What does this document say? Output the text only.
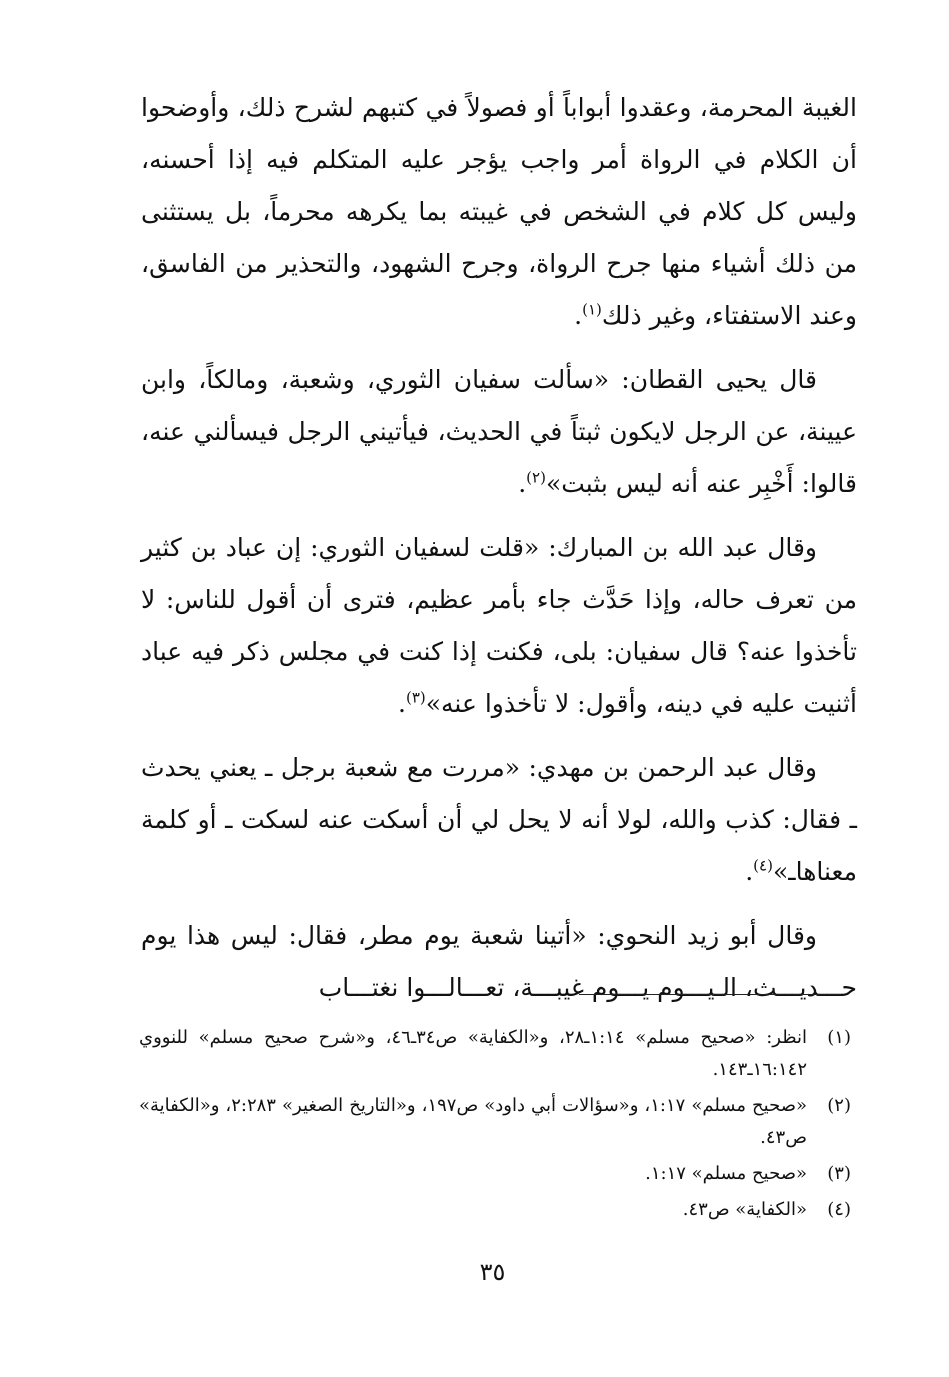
الغيبة المحرمة، وعقدوا أبواباً أو فصولاً في كتبهم لشرح ذلك، وأوضحوا أن الكلام في الرواة أمر واجب يؤجر عليه المتكلم فيه إذا أحسنه، وليس كل كلام في الشخص في غيبته بما يكرهه محرماً، بل يستثنى من ذلك أشياء منها جرح الرواة، وجرح الشهود، والتحذير من الفاسق، وعند الاستفتاء، وغير ذلك$^{(١)}$.

قال يحيى القطان: «سألت سفيان الثوري، وشعبة، ومالكاً، وابن عيينة، عن الرجل لايكون ثبتاً في الحديث، فيأتيني الرجل فيسألني عنه، قالوا: أَخْبِر عنه أنه ليس بثبت»$^{(٢)}$.

وقال عبد الله بن المبارك: «قلت لسفيان الثوري: إن عباد بن كثير من تعرف حاله، وإذا حَدَّث جاء بأمر عظيم، فترى أن أقول للناس: لا تأخذوا عنه؟ قال سفيان: بلى، فكنت إذا كنت في مجلس ذكر فيه عباد أثنيت عليه في دينه، وأقول: لا تأخذوا عنه»$^{(٣)}$.

وقال عبد الرحمن بن مهدي: «مررت مع شعبة برجل ـ يعني يحدث ـ فقال: كذب والله، لولا أنه لا يحل لي أن أسكت عنه لسكت ـ أو كلمة معناهاـ»$^{(٤)}$.

وقال أبو زيد النحوي: «أتينا شعبة يوم مطر، فقال: ليس هذا يوم حـــديـــث، الـيـــوم يـــوم غيبـــة، تعـــالـــوا نغتـــاب

(١)
انظر: «صحيح مسلم» ١:١٤ـ٢٨، و«الكفاية» ص٣٤ـ٤٦، و«شرح صحيح مسلم» للنووي ١٦:١٤٢ـ١٤٣.
(٢)
«صحيح مسلم» ١:١٧، و«سؤالات أبي داود» ص١٩٧، و«التاريخ الصغير» ٢:٢٨٣، و«الكفاية» ص٤٣.
(٣)
«صحيح مسلم» ١:١٧.
(٤)
«الكفاية» ص٤٣.
٣٥
